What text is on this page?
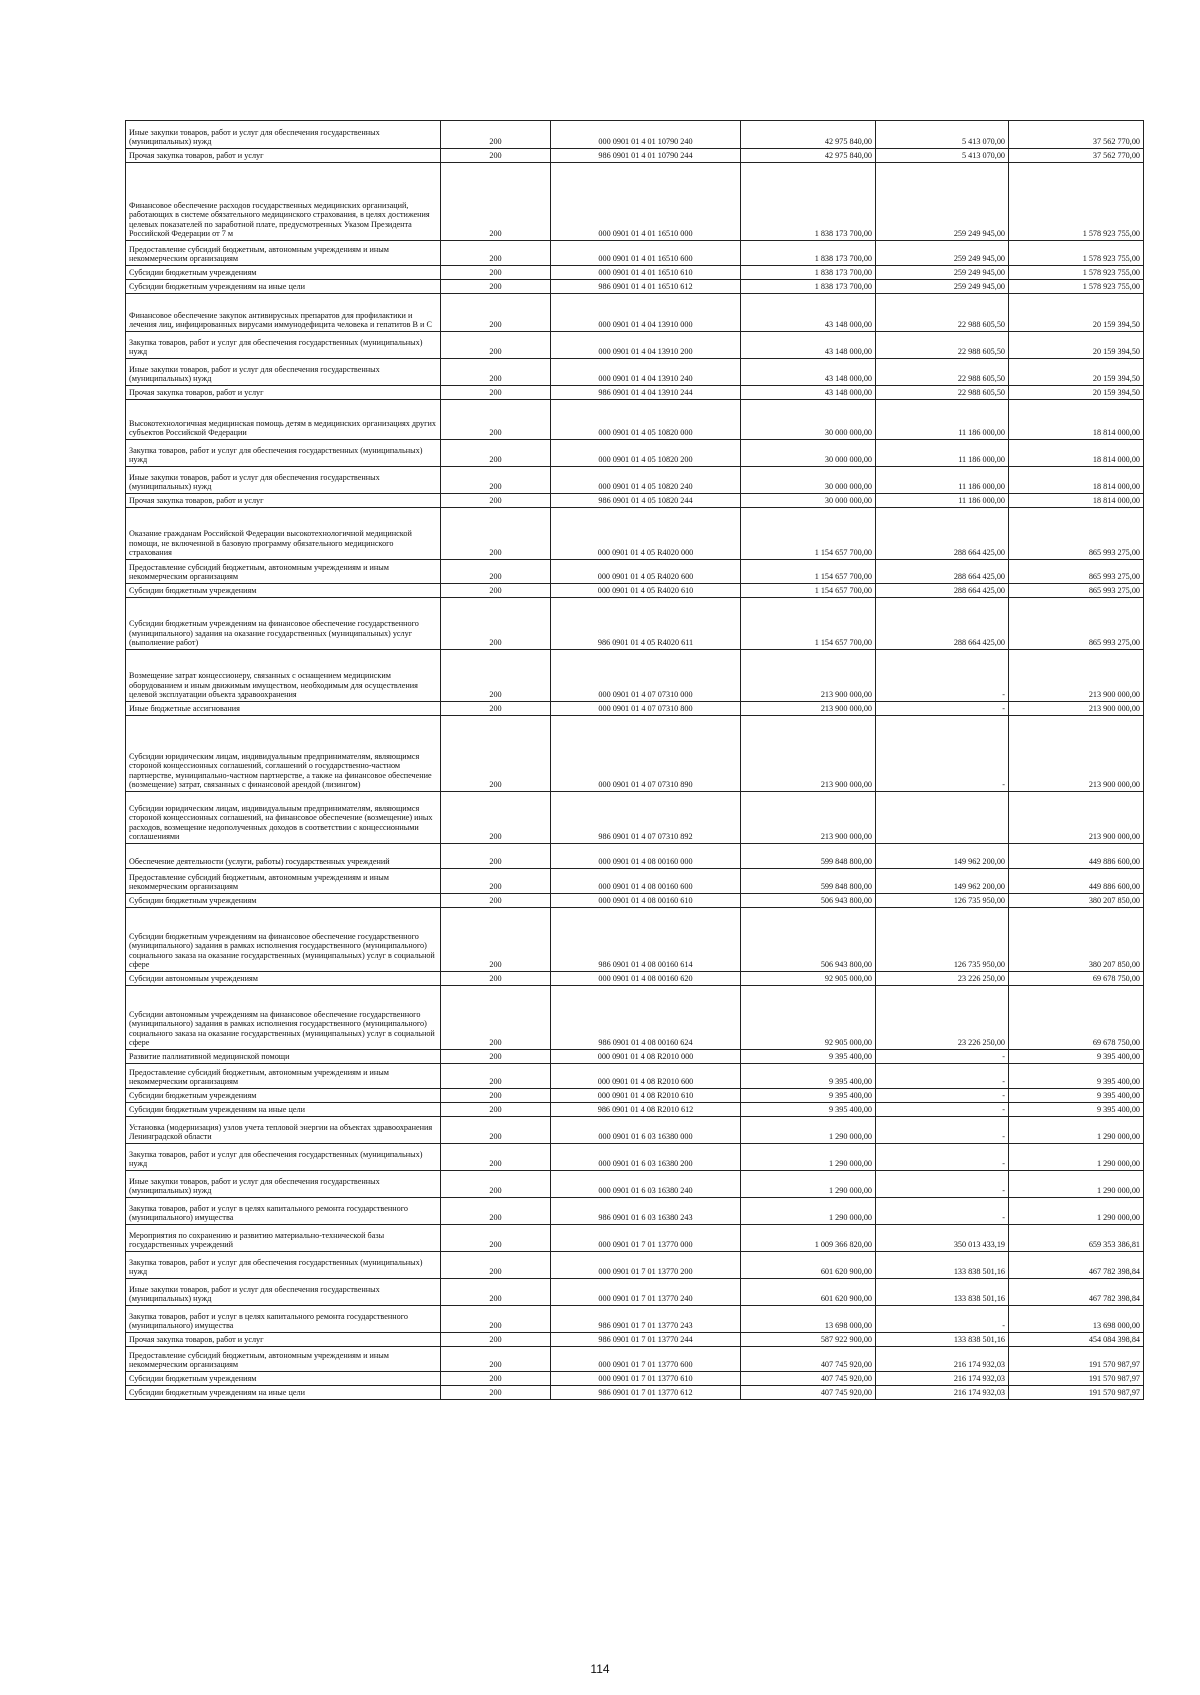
Иные закупки товаров, работ и услуг для обеспечения государственных (муниципальных) нужд	200	000 0901 01 4 01 10790 240	42 975 840,00	5 413 070,00	37 562 770,00
Прочая закупка товаров, работ и услуг	200	986 0901 01 4 01 10790 244	42 975 840,00	5 413 070,00	37 562 770,00
Финансовое обеспечение расходов государственных медицинских организаций, работающих в системе обязательного медицинского страхования, в целях достижения целевых показателей по заработной плате, предусмотренных Указом Президента Российской Федерации от 7 м	200	000 0901 01 4 01 16510 000	1 838 173 700,00	259 249 945,00	1 578 923 755,00
Предоставление субсидий бюджетным, автономным учреждениям и иным некоммерческим организациям	200	000 0901 01 4 01 16510 600	1 838 173 700,00	259 249 945,00	1 578 923 755,00
Субсидии бюджетным учреждениям	200	000 0901 01 4 01 16510 610	1 838 173 700,00	259 249 945,00	1 578 923 755,00
Субсидии бюджетным учреждениям на иные цели	200	986 0901 01 4 01 16510 612	1 838 173 700,00	259 249 945,00	1 578 923 755,00
Финансовое обеспечение закупок антивирусных препаратов для профилактики и лечения лиц, инфицированных вирусами иммунодефицита человека и гепатитов В и С	200	000 0901 01 4 04 13910 000	43 148 000,00	22 988 605,50	20 159 394,50
Закупка товаров, работ и услуг для обеспечения государственных (муниципальных) нужд	200	000 0901 01 4 04 13910 200	43 148 000,00	22 988 605,50	20 159 394,50
Иные закупки товаров, работ и услуг для обеспечения государственных (муниципальных) нужд	200	000 0901 01 4 04 13910 240	43 148 000,00	22 988 605,50	20 159 394,50
Прочая закупка товаров, работ и услуг	200	986 0901 01 4 04 13910 244	43 148 000,00	22 988 605,50	20 159 394,50
Высокотехнологичная медицинская помощь детям в медицинских организациях других субъектов Российской Федерации	200	000 0901 01 4 05 10820 000	30 000 000,00	11 186 000,00	18 814 000,00
Закупка товаров, работ и услуг для обеспечения государственных (муниципальных) нужд	200	000 0901 01 4 05 10820 200	30 000 000,00	11 186 000,00	18 814 000,00
Иные закупки товаров, работ и услуг для обеспечения государственных (муниципальных) нужд	200	000 0901 01 4 05 10820 240	30 000 000,00	11 186 000,00	18 814 000,00
Прочая закупка товаров, работ и услуг	200	986 0901 01 4 05 10820 244	30 000 000,00	11 186 000,00	18 814 000,00
Оказание гражданам Российской Федерации высокотехнологичной медицинской помощи, не включенной в базовую программу обязательного медицинского страхования	200	000 0901 01 4 05 R4020 000	1 154 657 700,00	288 664 425,00	865 993 275,00
Предоставление субсидий бюджетным, автономным учреждениям и иным некоммерческим организациям	200	000 0901 01 4 05 R4020 600	1 154 657 700,00	288 664 425,00	865 993 275,00
Субсидии бюджетным учреждениям	200	000 0901 01 4 05 R4020 610	1 154 657 700,00	288 664 425,00	865 993 275,00
Субсидии бюджетным учреждениям на финансовое обеспечение государственного (муниципального) задания на оказание государственных (муниципальных) услуг (выполнение работ)	200	986 0901 01 4 05 R4020 611	1 154 657 700,00	288 664 425,00	865 993 275,00
Возмещение затрат концессионеру, связанных с оснащением медицинским оборудованием и иным движимым имуществом, необходимым для осуществления целевой эксплуатации объекта здравоохранения	200	000 0901 01 4 07 07310 000	213 900 000,00	-	213 900 000,00
Иные бюджетные ассигнования	200	000 0901 01 4 07 07310 800	213 900 000,00	-	213 900 000,00
Субсидии юридическим лицам, индивидуальным предпринимателям, являющимся стороной концессионных соглашений, соглашений о государственно-частном партнерстве, муниципально-частном партнерстве, а также на финансовое обеспечение (возмещение) затрат, связанных с финансовой арендой (лизингом)	200	000 0901 01 4 07 07310 890	213 900 000,00	-	213 900 000,00
Субсидии юридическим лицам, индивидуальным предпринимателям, являющимся стороной концессионных соглашений, на финансовое обеспечение (возмещение) иных расходов, возмещение недополученных доходов в соответствии с концессионными соглашениями	200	986 0901 01 4 07 07310 892	213 900 000,00		213 900 000,00
Обеспечение деятельности (услуги, работы) государственных учреждений	200	000 0901 01 4 08 00160 000	599 848 800,00	149 962 200,00	449 886 600,00
Предоставление субсидий бюджетным, автономным учреждениям и иным некоммерческим организациям	200	000 0901 01 4 08 00160 600	599 848 800,00	149 962 200,00	449 886 600,00
Субсидии бюджетным учреждениям	200	000 0901 01 4 08 00160 610	506 943 800,00	126 735 950,00	380 207 850,00
Субсидии бюджетным учреждениям на финансовое обеспечение государственного (муниципального) задания в рамках исполнения государственного (муниципального) социального заказа на оказание государственных (муниципальных) услуг в социальной сфере	200	986 0901 01 4 08 00160 614	506 943 800,00	126 735 950,00	380 207 850,00
Субсидии автономным учреждениям	200	000 0901 01 4 08 00160 620	92 905 000,00	23 226 250,00	69 678 750,00
Субсидии автономным учреждениям на финансовое обеспечение государственного (муниципального) задания в рамках исполнения государственного (муниципального) социального заказа на оказание государственных (муниципальных) услуг в социальной сфере	200	986 0901 01 4 08 00160 624	92 905 000,00	23 226 250,00	69 678 750,00
Развитие паллиативной медицинской помощи	200	000 0901 01 4 08 R2010 000	9 395 400,00	-	9 395 400,00
Предоставление субсидий бюджетным, автономным учреждениям и иным некоммерческим организациям	200	000 0901 01 4 08 R2010 600	9 395 400,00	-	9 395 400,00
Субсидии бюджетным учреждениям	200	000 0901 01 4 08 R2010 610	9 395 400,00	-	9 395 400,00
Субсидии бюджетным учреждениям на иные цели	200	986 0901 01 4 08 R2010 612	9 395 400,00	-	9 395 400,00
Установка (модернизация) узлов учета тепловой энергии на объектах здравоохранения Ленинградской области	200	000 0901 01 6 03 16380 000	1 290 000,00	-	1 290 000,00
Закупка товаров, работ и услуг для обеспечения государственных (муниципальных) нужд	200	000 0901 01 6 03 16380 200	1 290 000,00	-	1 290 000,00
Иные закупки товаров, работ и услуг для обеспечения государственных (муниципальных) нужд	200	000 0901 01 6 03 16380 240	1 290 000,00	-	1 290 000,00
Закупка товаров, работ и услуг в целях капитального ремонта государственного (муниципального) имущества	200	986 0901 01 6 03 16380 243	1 290 000,00	-	1 290 000,00
Мероприятия по сохранению и развитию материально-технической базы государственных учреждений	200	000 0901 01 7 01 13770 000	1 009 366 820,00	350 013 433,19	659 353 386,81
Закупка товаров, работ и услуг для обеспечения государственных (муниципальных) нужд	200	000 0901 01 7 01 13770 200	601 620 900,00	133 838 501,16	467 782 398,84
Иные закупки товаров, работ и услуг для обеспечения государственных (муниципальных) нужд	200	000 0901 01 7 01 13770 240	601 620 900,00	133 838 501,16	467 782 398,84
Закупка товаров, работ и услуг в целях капитального ремонта государственного (муниципального) имущества	200	986 0901 01 7 01 13770 243	13 698 000,00	-	13 698 000,00
Прочая закупка товаров, работ и услуг	200	986 0901 01 7 01 13770 244	587 922 900,00	133 838 501,16	454 084 398,84
Предоставление субсидий бюджетным, автономным учреждениям и иным некоммерческим организациям	200	000 0901 01 7 01 13770 600	407 745 920,00	216 174 932,03	191 570 987,97
Субсидии бюджетным учреждениям	200	000 0901 01 7 01 13770 610	407 745 920,00	216 174 932,03	191 570 987,97
Субсидии бюджетным учреждениям на иные цели	200	986 0901 01 7 01 13770 612	407 745 920,00	216 174 932,03	191 570 987,97
114
